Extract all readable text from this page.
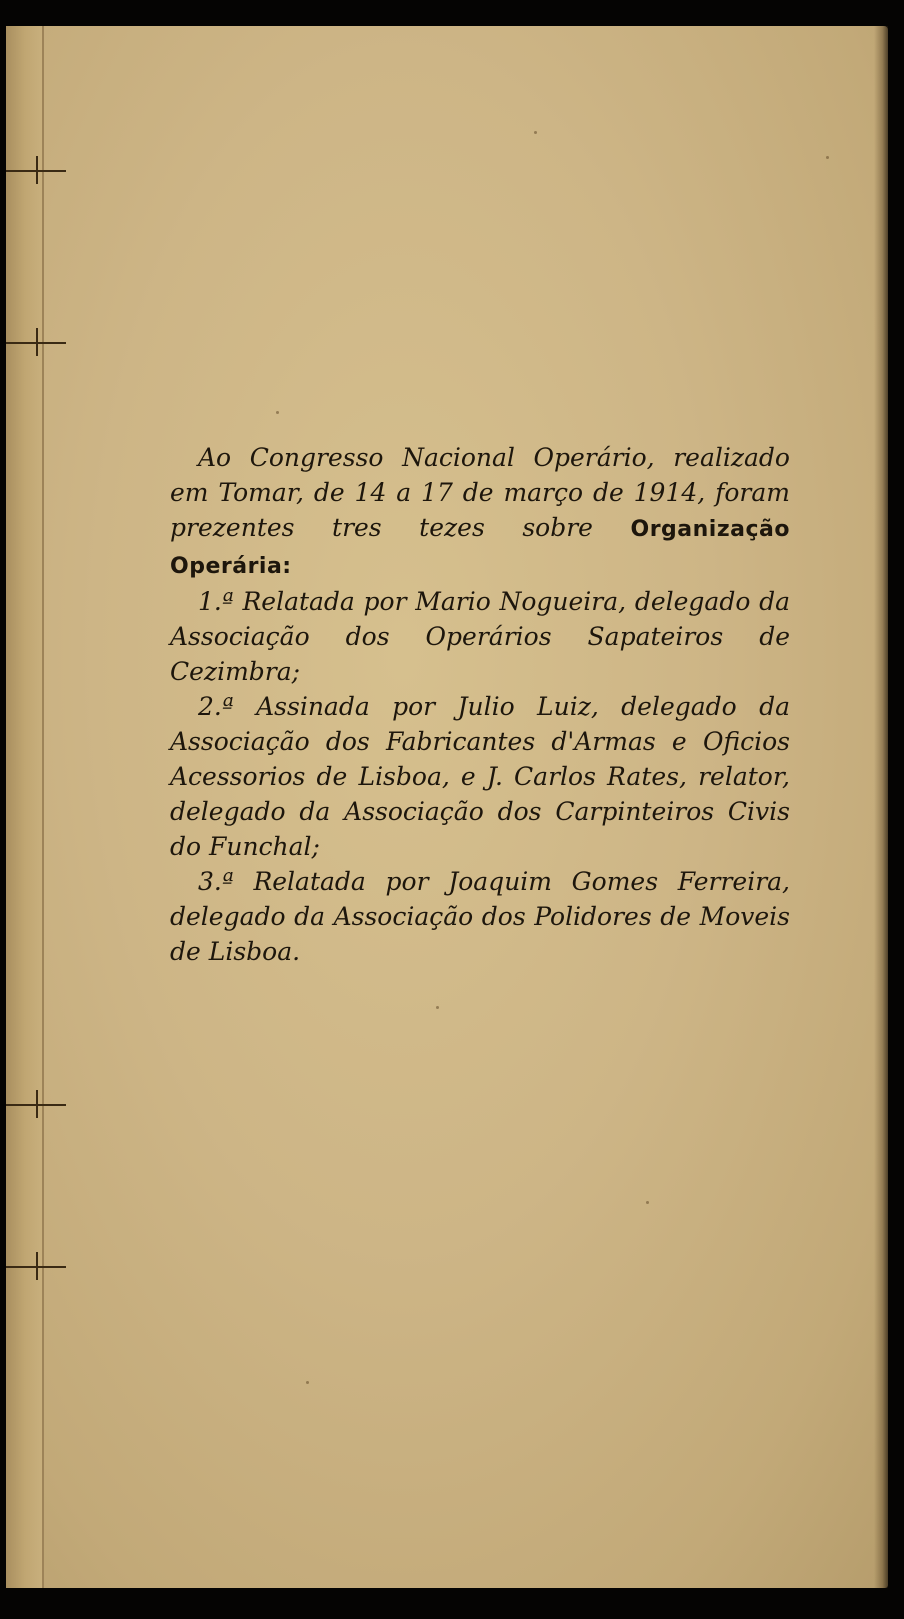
Ao Congresso Nacional Operário, realizado em Tomar, de 14 a 17 de março de 1914, foram prezentes tres tezes sobre Organização Operária:

1.ª Relatada por Mario Nogueira, delegado da Associação dos Operários Sapateiros de Cezimbra;

2.ª Assinada por Julio Luiz, delegado da Associação dos Fabricantes d'Armas e Oficios Acessorios de Lisboa, e J. Carlos Rates, relator, delegado da Associação dos Carpinteiros Civis do Funchal;

3.ª Relatada por Joaquim Gomes Ferreira, delegado da Associação dos Polidores de Moveis de Lisboa.
